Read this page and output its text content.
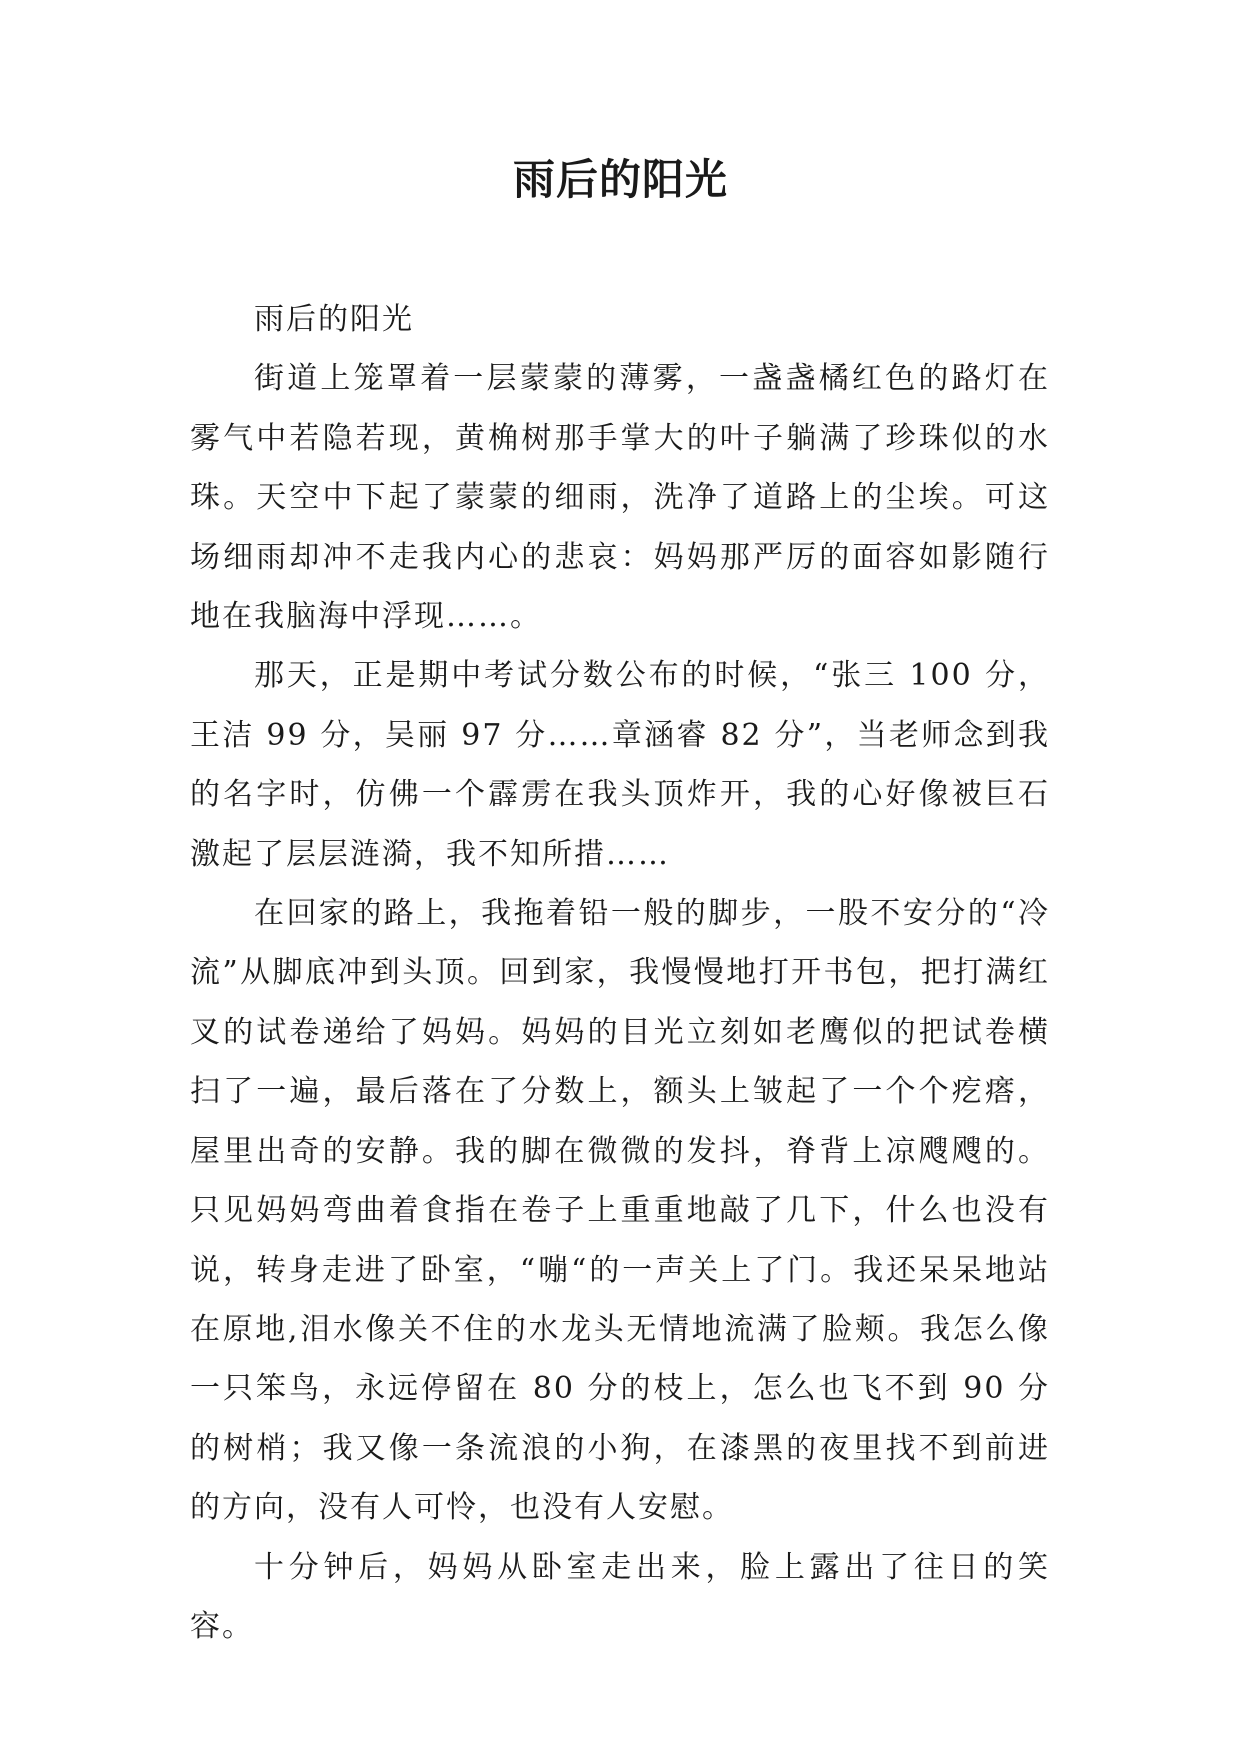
雨后的阳光

雨后的阳光

街道上笼罩着一层蒙蒙的薄雾，一盏盏橘红色的路灯在雾气中若隐若现，黄桷树那手掌大的叶子躺满了珍珠似的水珠。天空中下起了蒙蒙的细雨，洗净了道路上的尘埃。可这场细雨却冲不走我内心的悲哀：妈妈那严厉的面容如影随行地在我脑海中浮现……。

那天，正是期中考试分数公布的时候，“张三 100 分，王洁 99 分，吴丽 97 分……章涵睿 82 分”，当老师念到我的名字时，仿佛一个霹雳在我头顶炸开，我的心好像被巨石激起了层层涟漪，我不知所措……

在回家的路上，我拖着铅一般的脚步，一股不安分的“冷流”从脚底冲到头顶。回到家，我慢慢地打开书包，把打满红叉的试卷递给了妈妈。妈妈的目光立刻如老鹰似的把试卷横扫了一遍，最后落在了分数上，额头上皱起了一个个疙瘩，屋里出奇的安静。我的脚在微微的发抖，脊背上凉飕飕的。只见妈妈弯曲着食指在卷子上重重地敲了几下，什么也没有说，转身走进了卧室，“嘣“的一声关上了门。我还呆呆地站在原地,泪水像关不住的水龙头无情地流满了脸颊。我怎么像一只笨鸟，永远停留在 80 分的枝上，怎么也飞不到 90 分的树梢；我又像一条流浪的小狗，在漆黑的夜里找不到前进的方向，没有人可怜，也没有人安慰。

十分钟后，妈妈从卧室走出来，脸上露出了往日的笑容。
